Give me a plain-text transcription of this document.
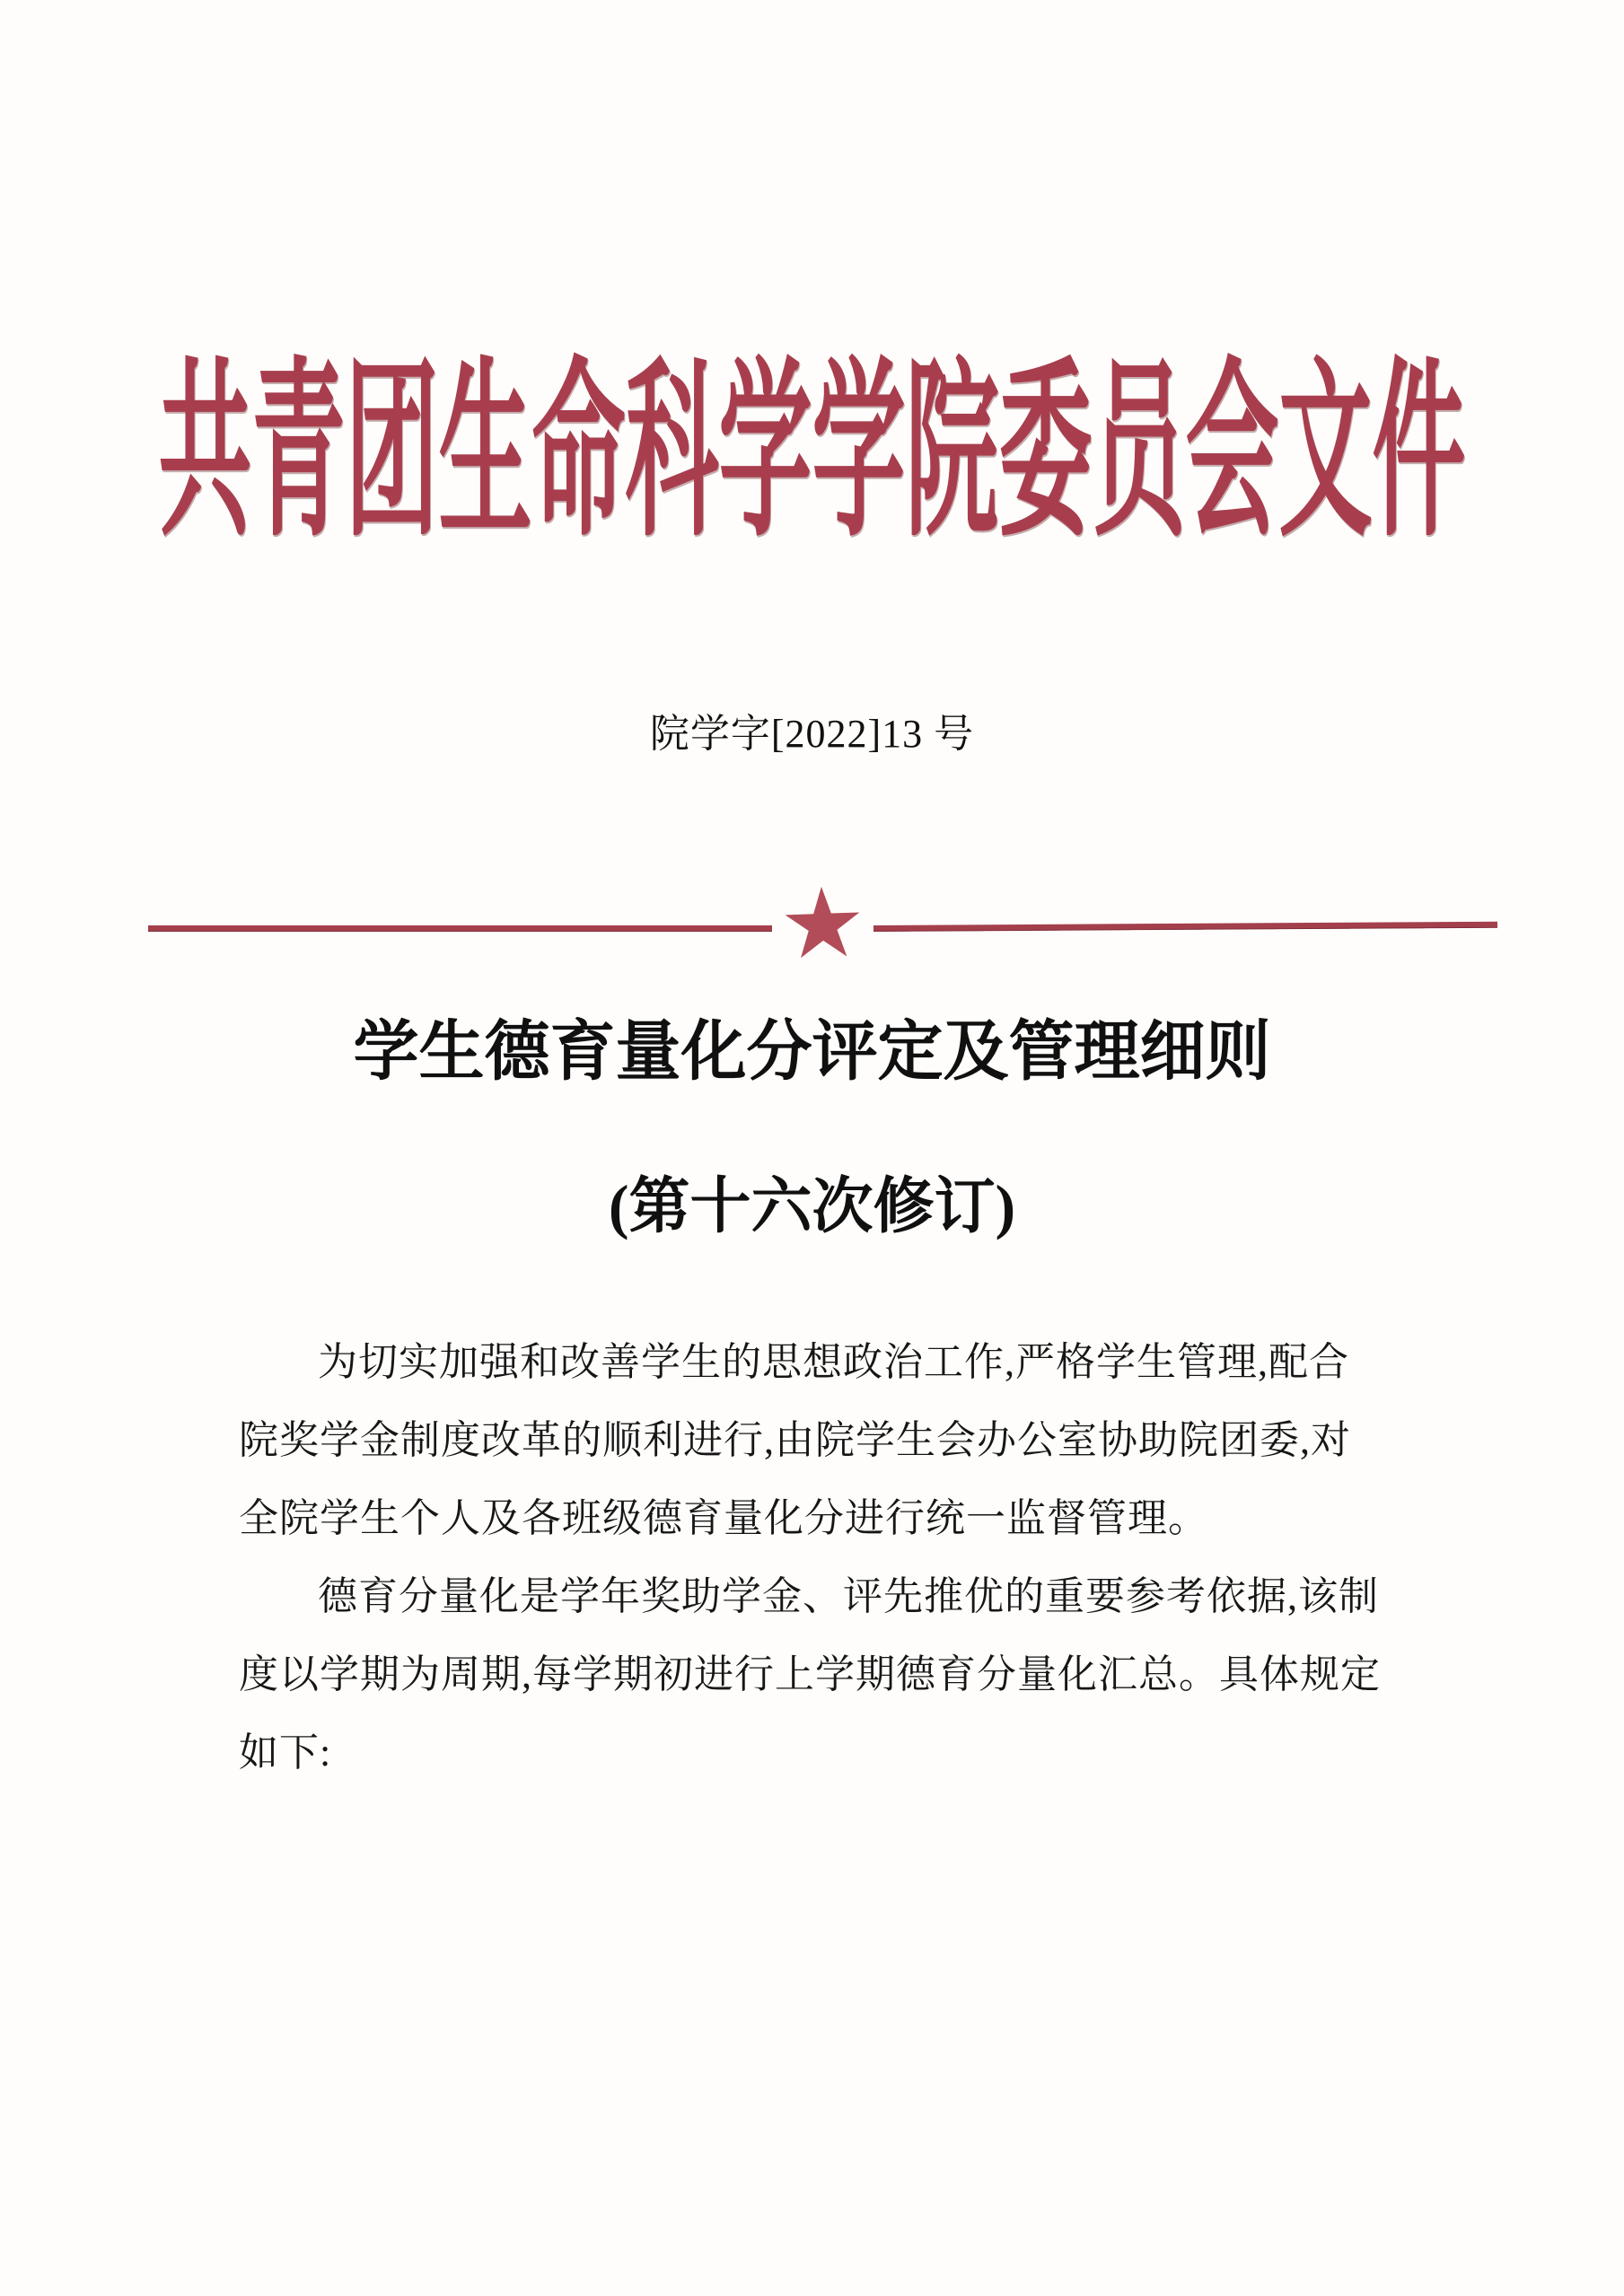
共青团生命科学学院委员会文件
院学字[2022]13 号
★
学生德育量化分评定及管理细则
(第十六次修订)
为切实加强和改善学生的思想政治工作,严格学生管理,配合
院奖学金制度改革的顺利进行,由院学生会办公室协助院团委,对
全院学生个人及各班级德育量化分进行统一监督管理。
德育分量化是学年奖助学金、评先推优的重要参考依据,该制
度以学期为周期,每学期初进行上学期德育分量化汇总。具体规定
如下:
